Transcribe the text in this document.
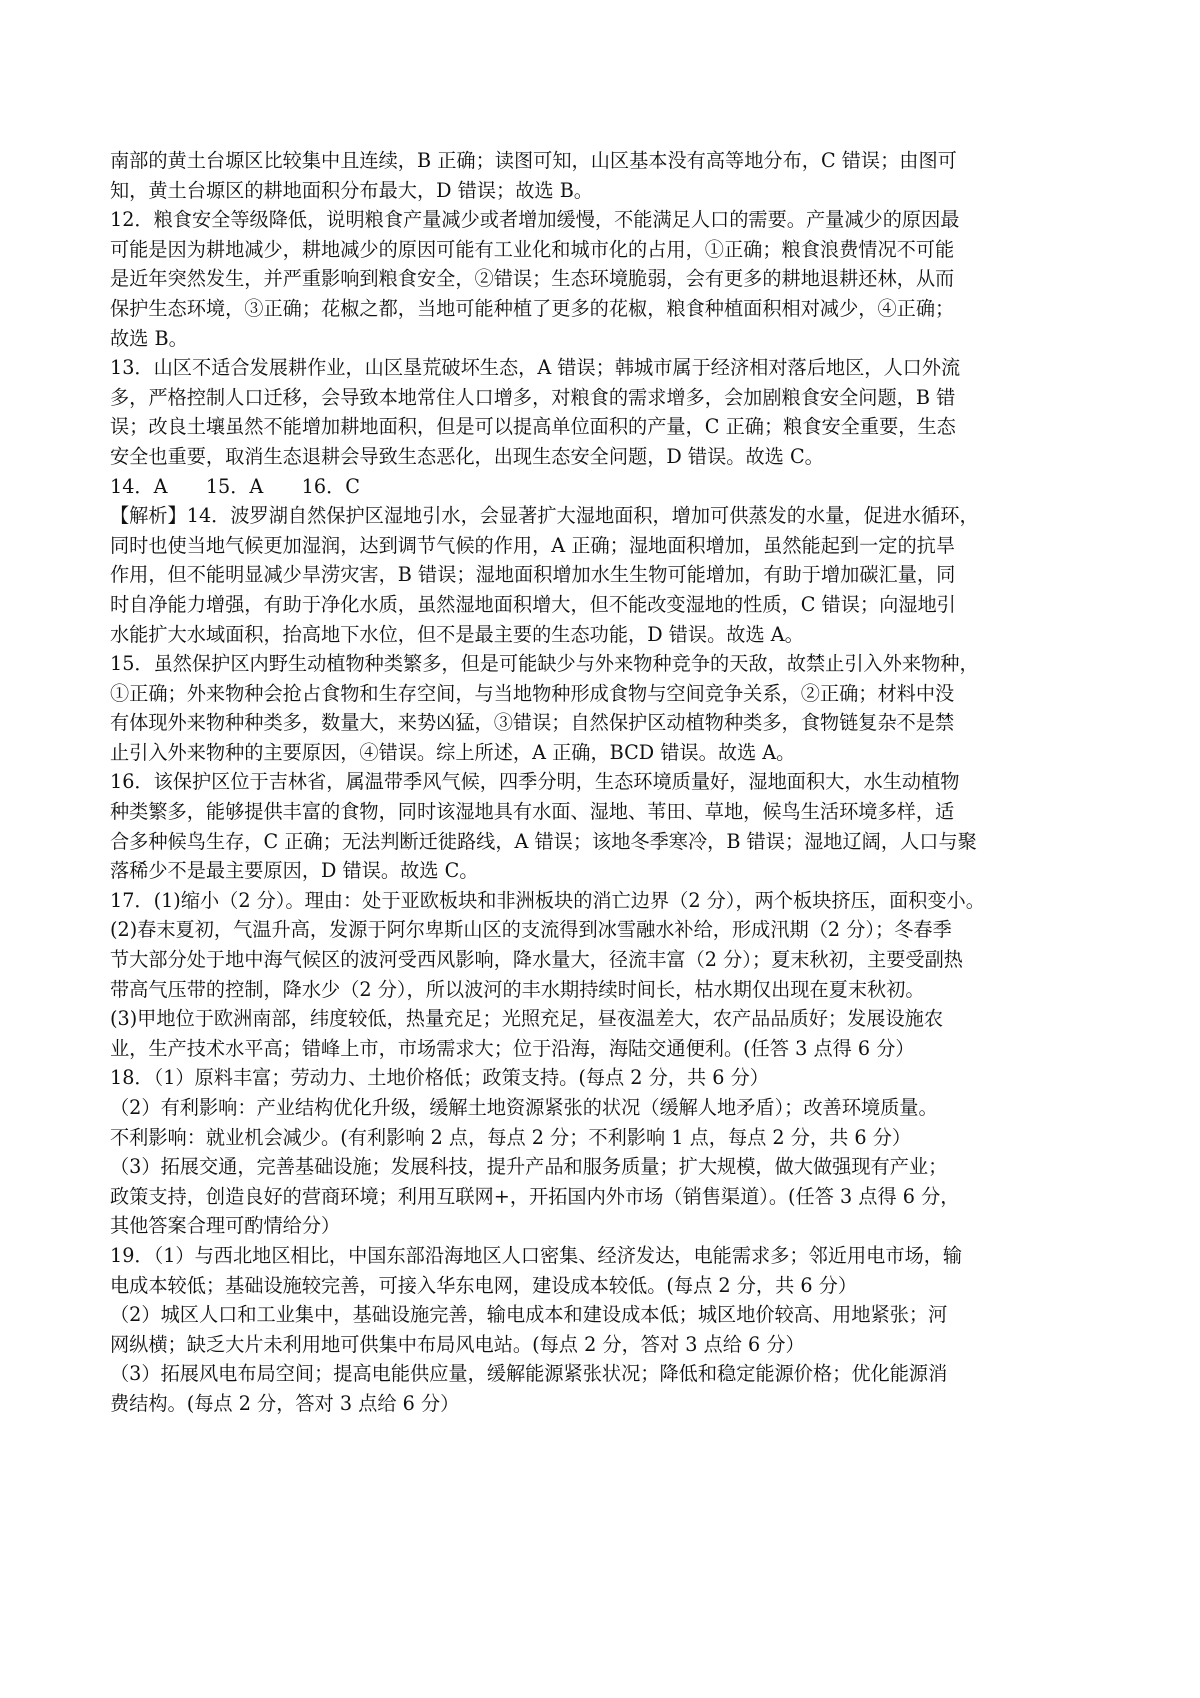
南部的黄土台塬区比较集中且连续，B 正确；读图可知，山区基本没有高等地分布，C 错误；由图可
知，黄土台塬区的耕地面积分布最大，D 错误；故选 B。
12．粮食安全等级降低，说明粮食产量减少或者增加缓慢，不能满足人口的需要。产量减少的原因最
可能是因为耕地减少，耕地减少的原因可能有工业化和城市化的占用，①正确；粮食浪费情况不可能
是近年突然发生，并严重影响到粮食安全，②错误；生态环境脆弱，会有更多的耕地退耕还林，从而
保护生态环境，③正确；花椒之都，当地可能种植了更多的花椒，粮食种植面积相对减少，④正确；
故选 B。
13．山区不适合发展耕作业，山区垦荒破坏生态，A 错误；韩城市属于经济相对落后地区，人口外流
多，严格控制人口迁移，会导致本地常住人口增多，对粮食的需求增多，会加剧粮食安全问题，B 错
误；改良土壤虽然不能增加耕地面积，但是可以提高单位面积的产量，C 正确；粮食安全重要，生态
安全也重要，取消生态退耕会导致生态恶化，出现生态安全问题，D 错误。故选 C。
14．A　　15．A　　16．C
【解析】14．波罗湖自然保护区湿地引水，会显著扩大湿地面积，增加可供蒸发的水量，促进水循环，
同时也使当地气候更加湿润，达到调节气候的作用，A 正确；湿地面积增加，虽然能起到一定的抗旱
作用，但不能明显减少旱涝灾害，B 错误；湿地面积增加水生生物可能增加，有助于增加碳汇量，同
时自净能力增强，有助于净化水质，虽然湿地面积增大，但不能改变湿地的性质，C 错误；向湿地引
水能扩大水域面积，抬高地下水位，但不是最主要的生态功能，D 错误。故选 A。
15．虽然保护区内野生动植物种类繁多，但是可能缺少与外来物种竞争的天敌，故禁止引入外来物种，
①正确；外来物种会抢占食物和生存空间，与当地物种形成食物与空间竞争关系，②正确；材料中没
有体现外来物种种类多，数量大，来势凶猛，③错误；自然保护区动植物种类多，食物链复杂不是禁
止引入外来物种的主要原因，④错误。综上所述，A 正确，BCD 错误。故选 A。
16．该保护区位于吉林省，属温带季风气候，四季分明，生态环境质量好，湿地面积大，水生动植物
种类繁多，能够提供丰富的食物，同时该湿地具有水面、湿地、苇田、草地，候鸟生活环境多样，适
合多种候鸟生存，C 正确；无法判断迁徙路线，A 错误；该地冬季寒冷，B 错误；湿地辽阔，人口与聚
落稀少不是最主要原因，D 错误。故选 C。
17．(1)缩小（2 分）。理由：处于亚欧板块和非洲板块的消亡边界（2 分），两个板块挤压，面积变小。
(2)春末夏初，气温升高，发源于阿尔卑斯山区的支流得到冰雪融水补给，形成汛期（2 分）；冬春季
节大部分处于地中海气候区的波河受西风影响，降水量大，径流丰富（2 分）；夏末秋初，主要受副热
带高气压带的控制，降水少（2 分），所以波河的丰水期持续时间长，枯水期仅出现在夏末秋初。
(3)甲地位于欧洲南部，纬度较低，热量充足；光照充足，昼夜温差大，农产品品质好；发展设施农
业，生产技术水平高；错峰上市，市场需求大；位于沿海，海陆交通便利。(任答 3 点得 6 分）
18．（1）原料丰富；劳动力、土地价格低；政策支持。(每点 2 分，共 6 分）
（2）有利影响：产业结构优化升级，缓解土地资源紧张的状况（缓解人地矛盾）；改善环境质量。
不利影响：就业机会减少。(有利影响 2 点，每点 2 分；不利影响 1 点，每点 2 分，共 6 分）
（3）拓展交通，完善基础设施；发展科技，提升产品和服务质量；扩大规模，做大做强现有产业；
政策支持，创造良好的营商环境；利用互联网+，开拓国内外市场（销售渠道）。(任答 3 点得 6 分，
其他答案合理可酌情给分）
19．（1）与西北地区相比，中国东部沿海地区人口密集、经济发达，电能需求多；邻近用电市场，输
电成本较低；基础设施较完善，可接入华东电网，建设成本较低。(每点 2 分，共 6 分）
（2）城区人口和工业集中，基础设施完善，输电成本和建设成本低；城区地价较高、用地紧张；河
网纵横；缺乏大片未利用地可供集中布局风电站。(每点 2 分，答对 3 点给 6 分）
（3）拓展风电布局空间；提高电能供应量，缓解能源紧张状况；降低和稳定能源价格；优化能源消
费结构。(每点 2 分，答对 3 点给 6 分）
